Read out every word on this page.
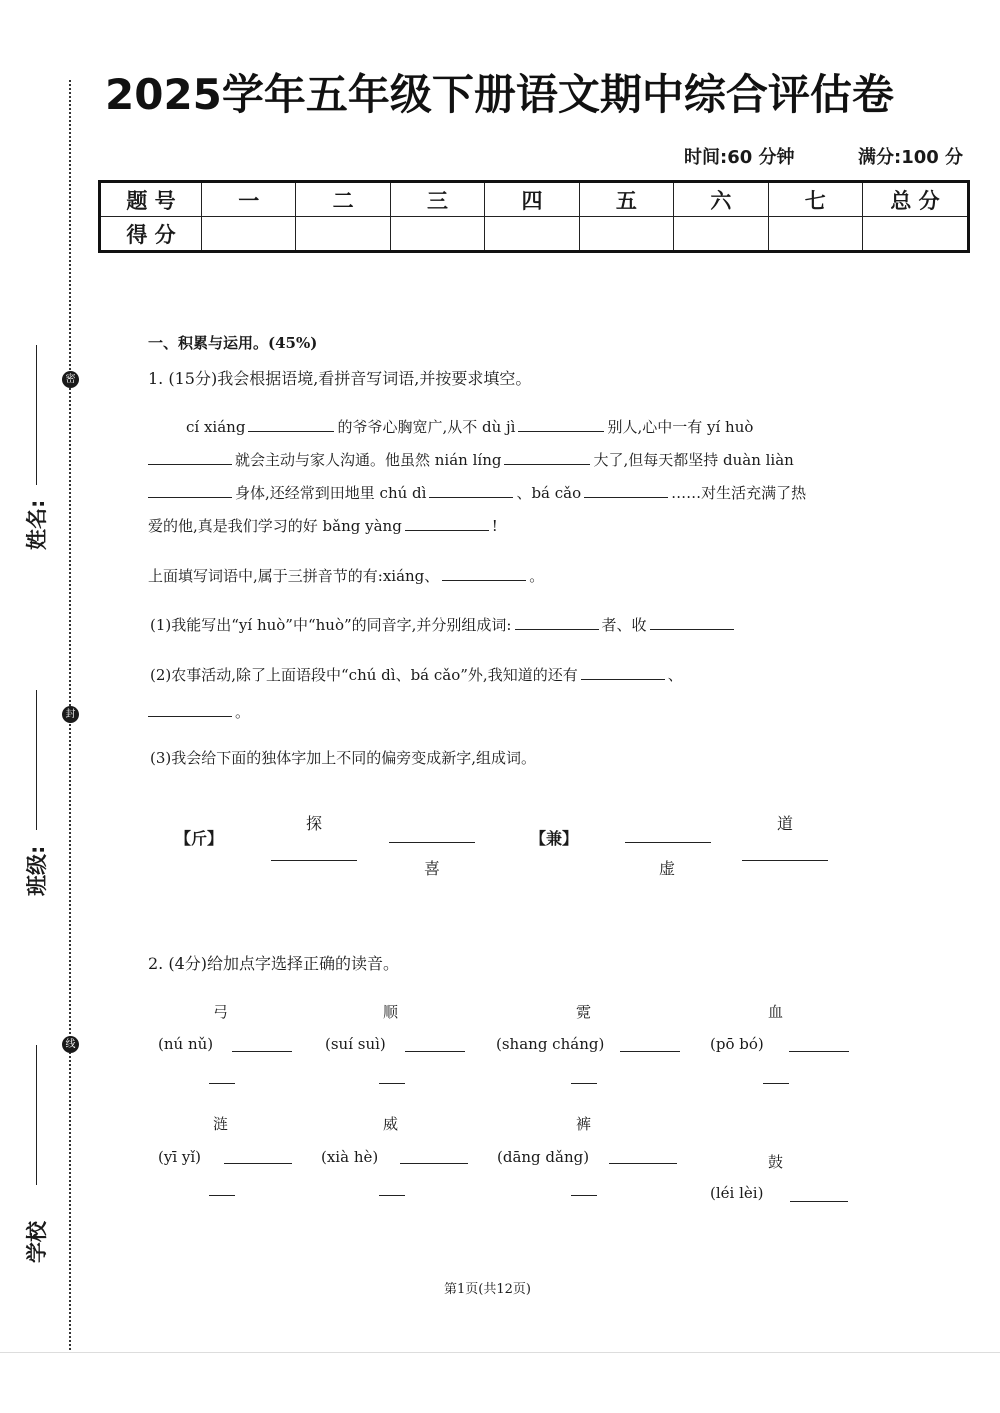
密
封
线
姓名:
班级:
学校
2025学年五年级下册语文期中综合评估卷
时间:60 分钟	满分:100 分
题 号	一	二	三	四	五	六	七	总 分
得 分								
一、积累与运用。(45%)
1. (15分)我会根据语境,看拼音写词语,并按要求填空。
cí xiáng	的爷爷心胸宽广,从不 dù jì	别人,心中一有 yí huò
就会主动与家人沟通。他虽然 nián líng	大了,但每天都坚持 duàn liàn
身体,还经常到田地里 chú dì	、bá cǎo	……对生活充满了热
爱的他,真是我们学习的好 bǎng yàng	!
上面填写词语中,属于三拼音节的有:xiáng、	。
(1)我能写出“yí huò”中“huò”的同音字,并分别组成词:	者、收
(2)农事活动,除了上面语段中“chú dì、bá cǎo”外,我知道的还有	、
。
(3)我会给下面的独体字加上不同的偏旁变成新字,组成词。
【斤】
探
喜
【兼】
虚
道
2. (4分)给加点字选择正确的读音。
弓
(nú nǔ)
顺
(suí suì)
霓
(shang cháng)
血
(pō bó)
涟
(yī yǐ)
威
(xià hè)
裤
(dāng dǎng)	鼓
(léi lèi)
第1页(共12页)
